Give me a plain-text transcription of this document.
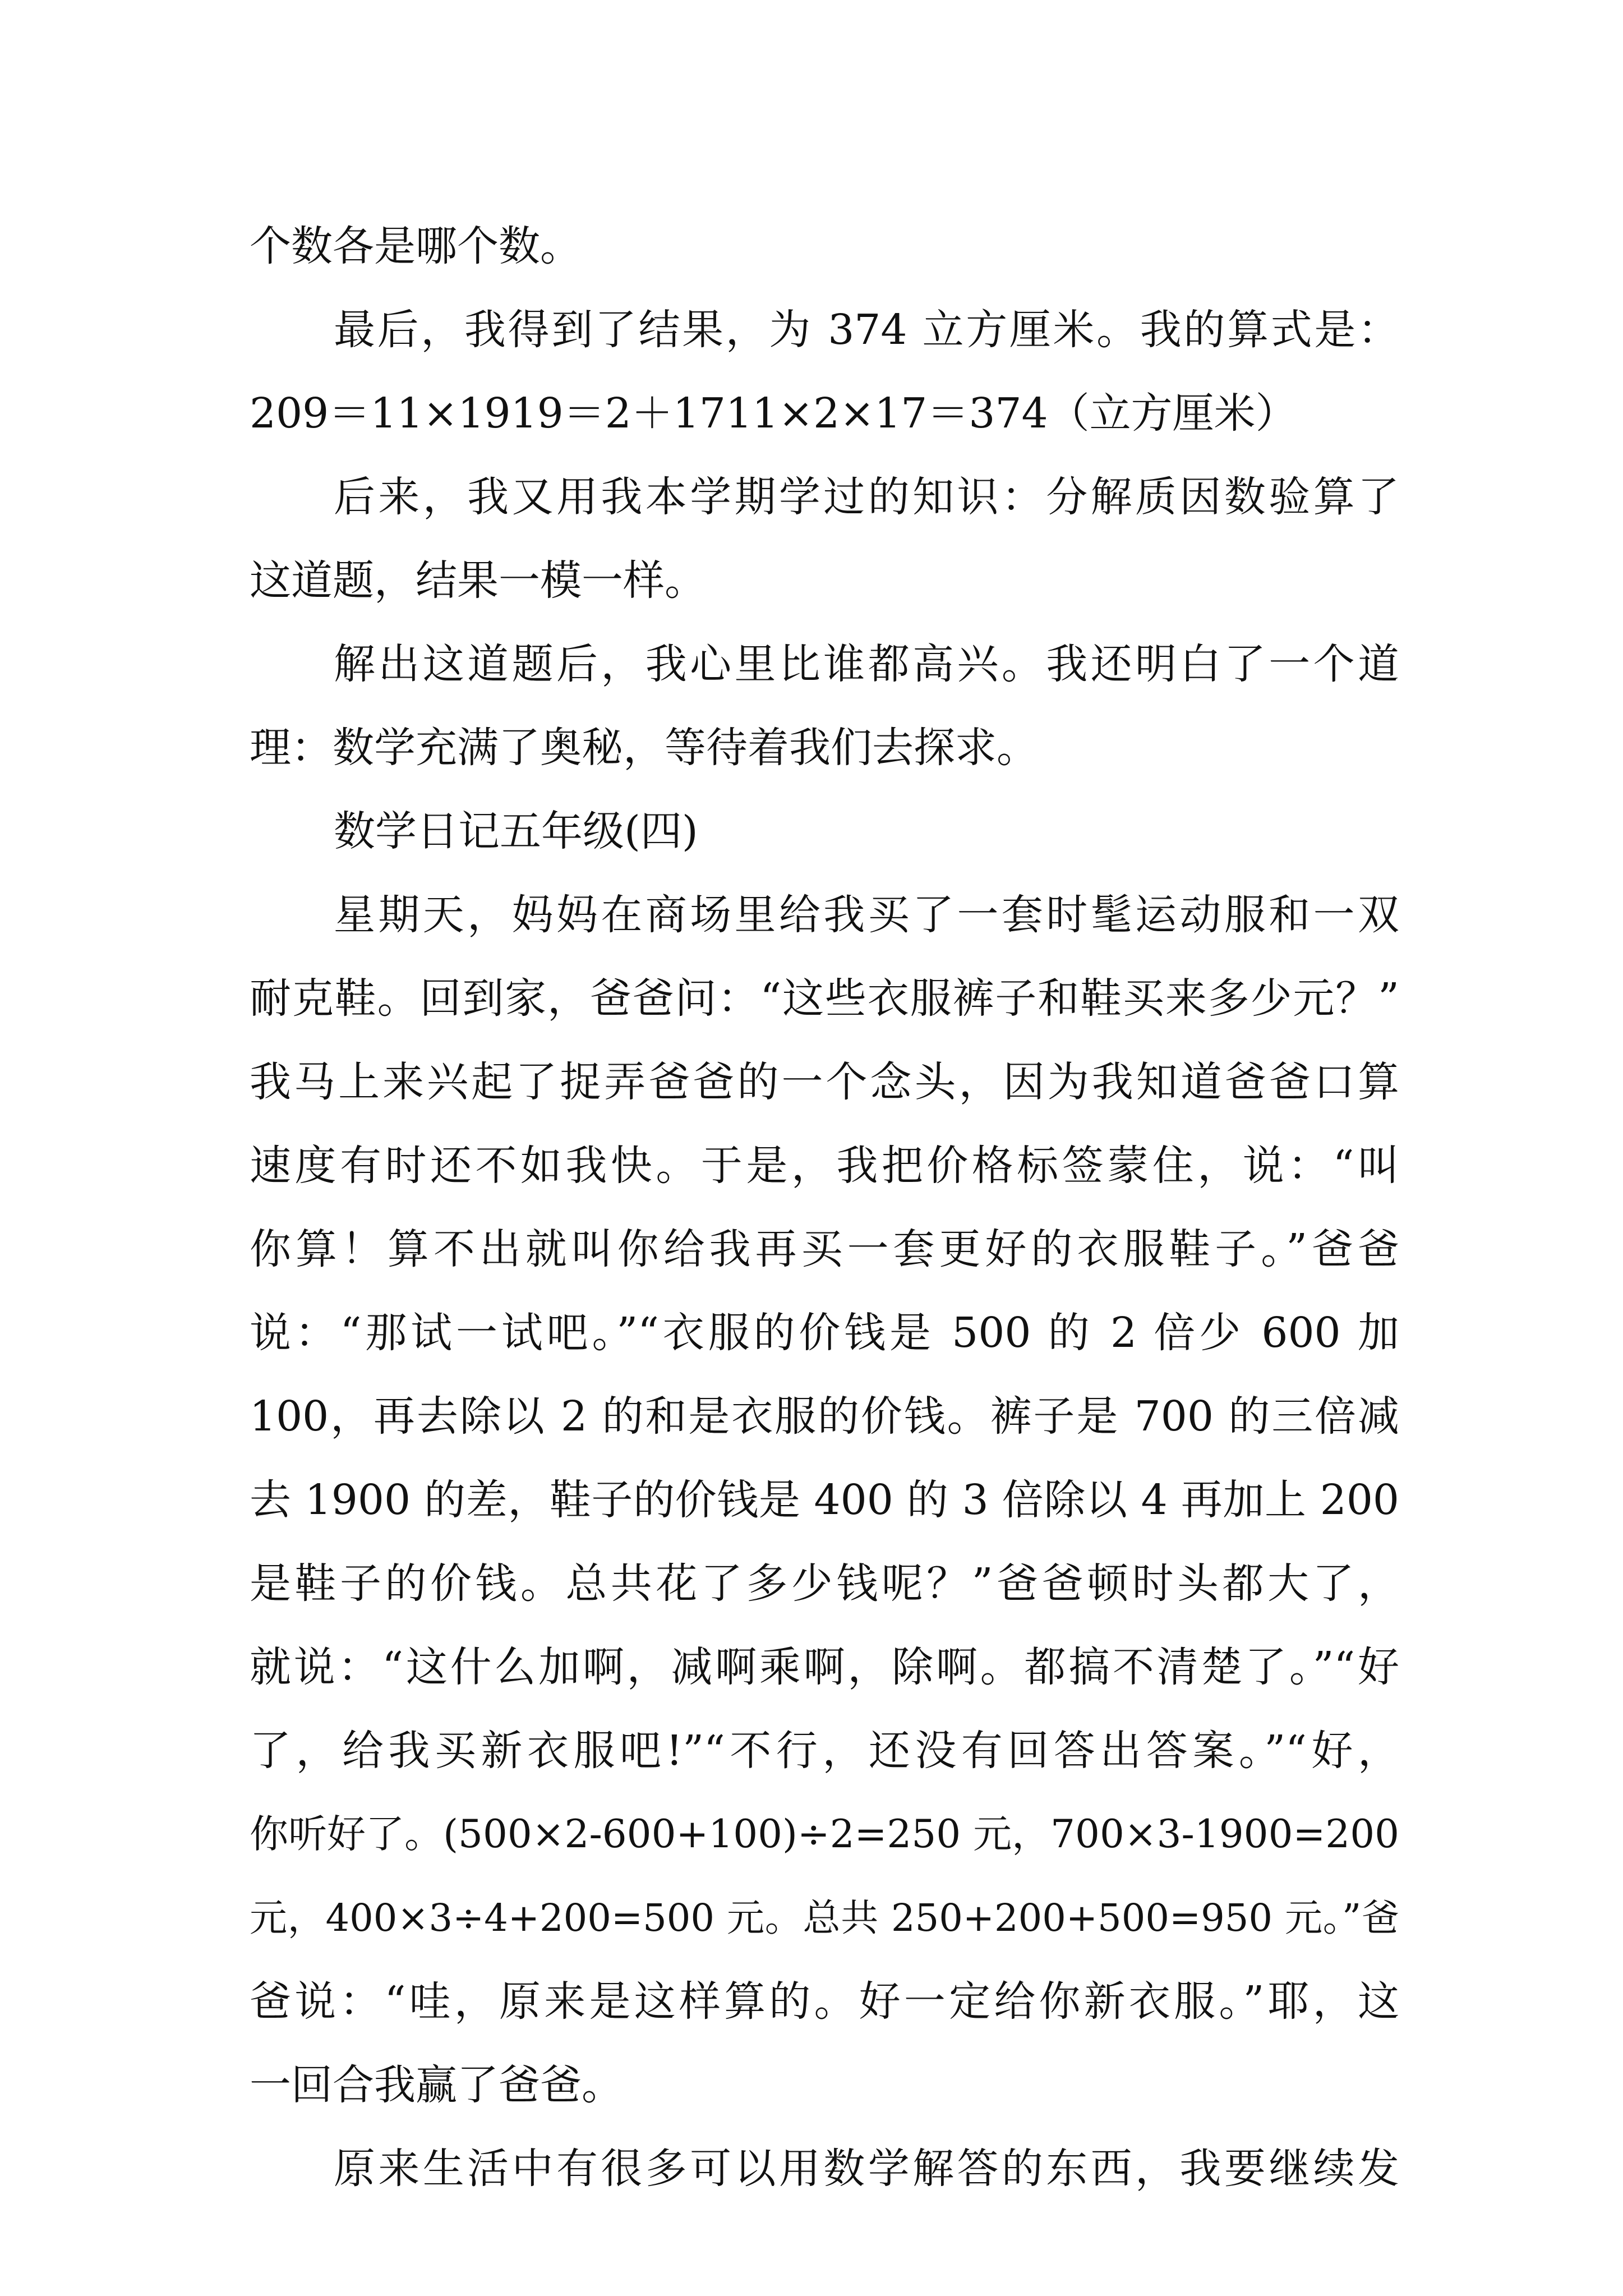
个数各是哪个数。
最后，我得到了结果，为 374 立方厘米。我的算式是：
209＝11×1919＝2＋1711×2×17＝374（立方厘米）
后来，我又用我本学期学过的知识：分解质因数验算了
这道题，结果一模一样。
解出这道题后，我心里比谁都高兴。我还明白了一个道
理：数学充满了奥秘，等待着我们去探求。
数学日记五年级(四)
星期天，妈妈在商场里给我买了一套时髦运动服和一双
耐克鞋。回到家，爸爸问：“这些衣服裤子和鞋买来多少元？”
我马上来兴起了捉弄爸爸的一个念头，因为我知道爸爸口算
速度有时还不如我快。于是，我把价格标签蒙住，说：“叫
你算！算不出就叫你给我再买一套更好的衣服鞋子。”爸爸
说：“那试一试吧。”“衣服的价钱是 500 的 2 倍少 600 加
100，再去除以 2 的和是衣服的价钱。裤子是 700 的三倍减
去 1900 的差，鞋子的价钱是 400 的 3 倍除以 4 再加上 200
是鞋子的价钱。总共花了多少钱呢？”爸爸顿时头都大了，
就说：“这什么加啊，减啊乘啊，除啊。都搞不清楚了。”“好
了，给我买新衣服吧!”“不行，还没有回答出答案。”“好，
你听好了。(500×2-600+100)÷2=250 元，700×3-1900=200
元，400×3÷4+200=500 元。总共 250+200+500=950 元。”爸
爸说：“哇，原来是这样算的。好一定给你新衣服。”耶，这
一回合我赢了爸爸。
原来生活中有很多可以用数学解答的东西，我要继续发
